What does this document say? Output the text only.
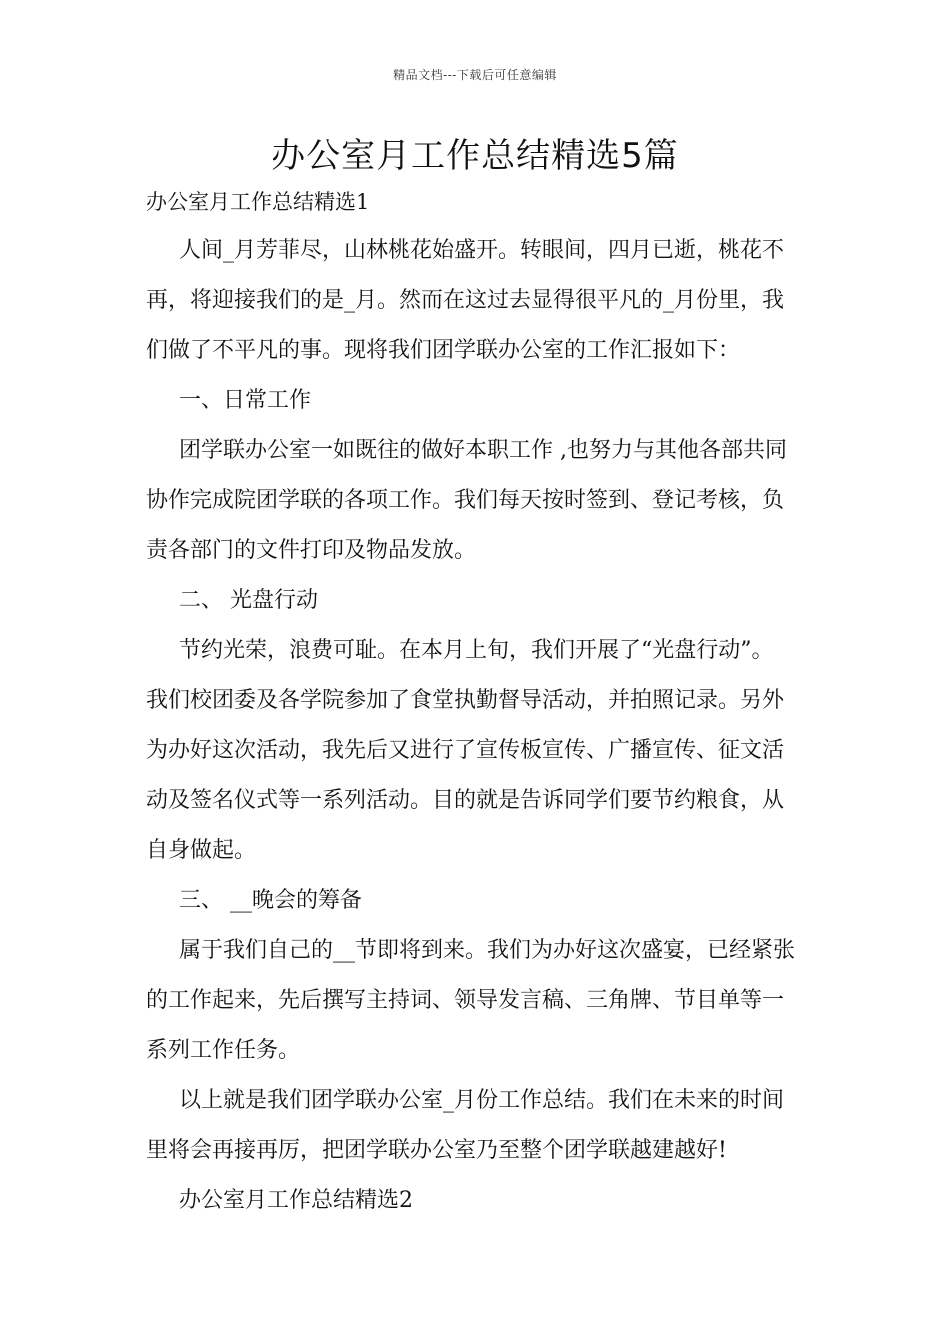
精品文档---下载后可任意编辑
办公室月工作总结精选5篇
办公室月工作总结精选1
人间_月芳菲尽，山林桃花始盛开。转眼间，四月已逝，桃花不
再，将迎接我们的是_月。然而在这过去显得很平凡的_月份里，我
们做了不平凡的事。现将我们团学联办公室的工作汇报如下：
一、日常工作
团学联办公室一如既往的做好本职工作 ,也努力与其他各部共同
协作完成院团学联的各项工作。我们每天按时签到、登记考核，负
责各部门的文件打印及物品发放。
二、 光盘行动
节约光荣，浪费可耻。在本月上旬，我们开展了“光盘行动”。
我们校团委及各学院参加了食堂执勤督导活动，并拍照记录。另外
为办好这次活动，我先后又进行了宣传板宣传、广播宣传、征文活
动及签名仪式等一系列活动。目的就是告诉同学们要节约粮食，从
自身做起。
三、 __晚会的筹备
属于我们自己的__节即将到来。我们为办好这次盛宴，已经紧张
的工作起来，先后撰写主持词、领导发言稿、三角牌、节目单等一
系列工作任务。
以上就是我们团学联办公室_月份工作总结。我们在未来的时间
里将会再接再厉，把团学联办公室乃至整个团学联越建越好!
办公室月工作总结精选2
